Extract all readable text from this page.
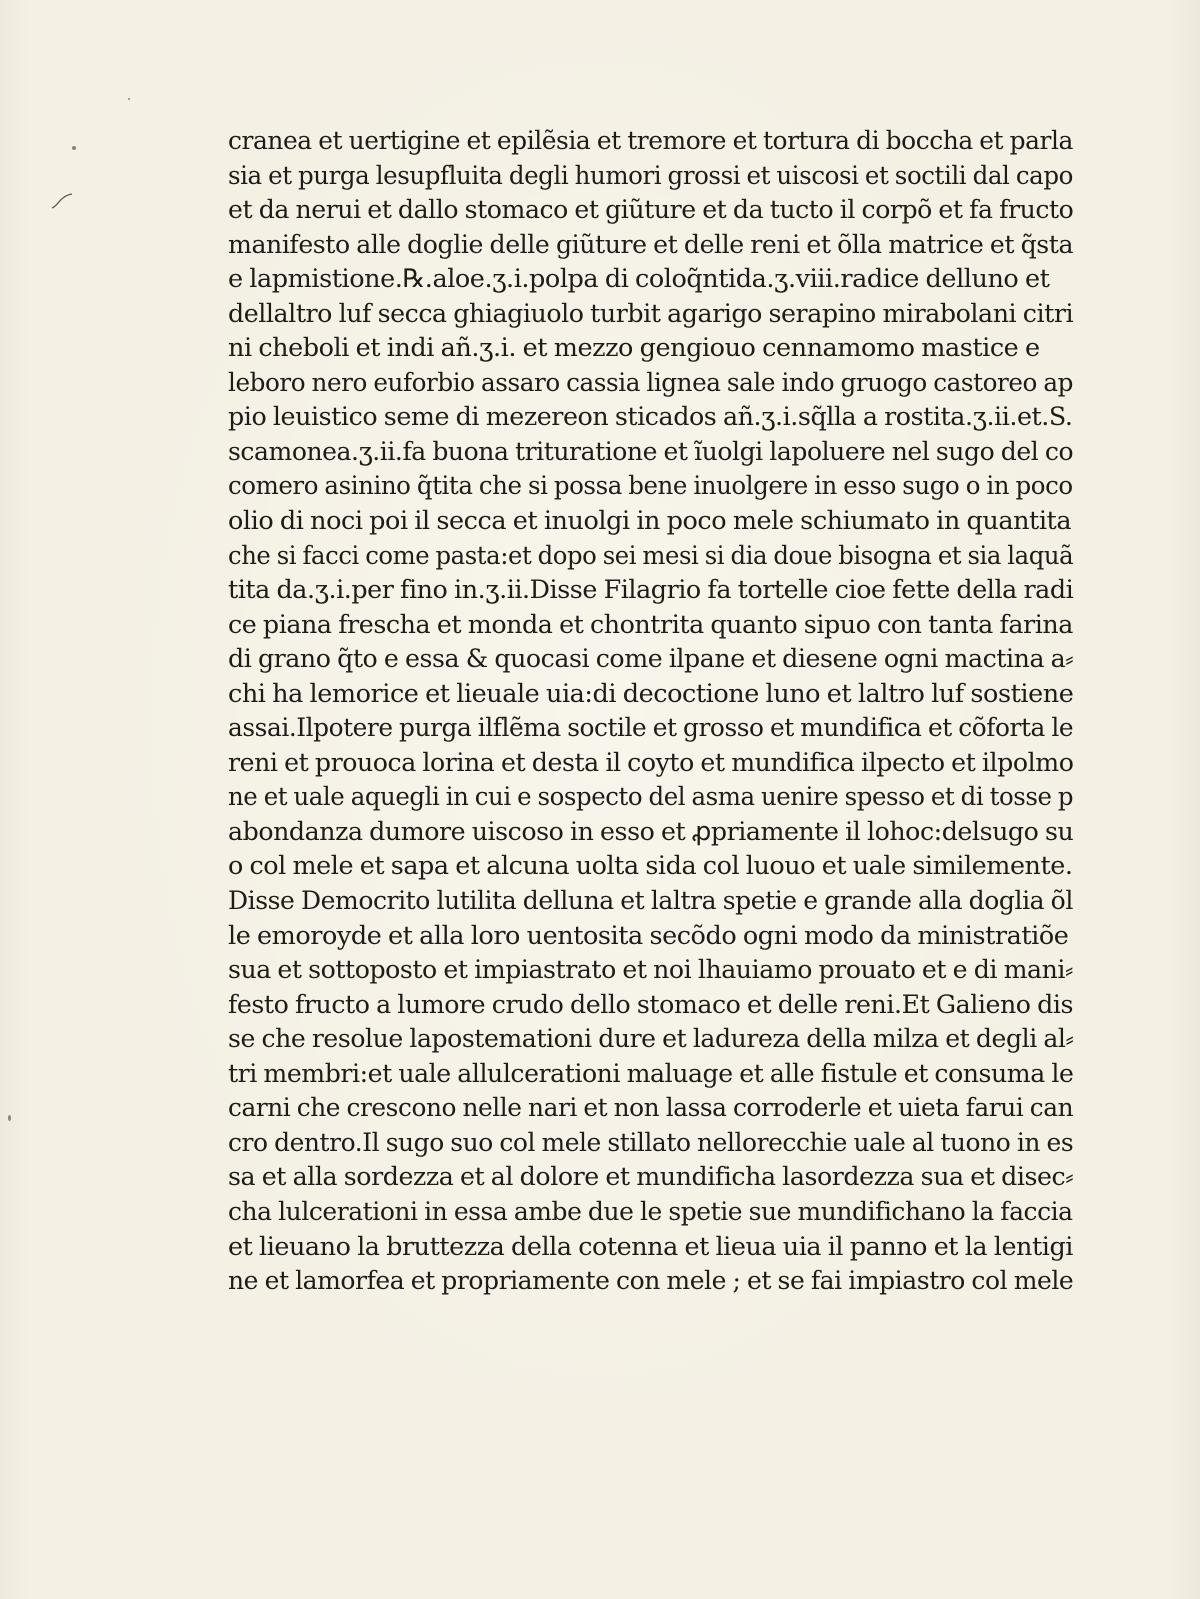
cranea et uertigine et epilẽsia et tremore et tortura di boccha et parla
sia et purga lesupfluita degli humori grossi et uiscosi et soctili dal capo
et da nerui et dallo stomaco et giũture et da tucto il corpõ et fa fructo
manifesto alle doglie delle giũture et delle reni et õlla matrice et q̃sta
e lapmistione.℞.aloe.ʒ.i.polpa di coloq̃ntida.ʒ.viii.radice delluno et
dellaltro luf secca ghiagiuolo turbit agarigo serapino mirabolani citri
ni cheboli et indi añ.ʒ.i. et mezzo gengiouo cennamomo mastice e
leboro nero euforbio assaro cassia lignea sale indo gruogo castoreo ap
pio leuistico seme di mezereon sticados añ.ʒ.i.sq̃lla a rostita.ʒ.ii.et.S.
scamonea.ʒ.ii.fa buona trituratione et ĩuolgi lapoluere nel sugo del co
comero asinino q̃tita che si possa bene inuolgere in esso sugo o in poco
olio di noci poi il secca et inuolgi in poco mele schiumato in quantita
che si facci come pasta:et dopo sei mesi si dia doue bisogna et sia laquã
tita da.ʒ.i.per fino in.ʒ.ii.Disse Filagrio fa tortelle cioe fette della radi
ce piana frescha et monda et chontrita quanto sipuo con tanta farina
di grano q̃to e essa & quocasi come ilpane et diesene ogni mactina a⸗
chi ha lemorice et lieuale uia:di decoctione luno et laltro luf sostiene
assai.Ilpotere purga ilflẽma soctile et grosso et mundifica et cõforta le
reni et prouoca lorina et desta il coyto et mundifica ilpecto et ilpolmo
ne et uale aquegli in cui e sospecto del asma uenire spesso et di tosse p
abondanza dumore uiscoso in esso et ꝓpriamente il lohoc:delsugo su
o col mele et sapa et alcuna uolta sida col luouo et uale similemente.
Disse Democrito lutilita delluna et laltra spetie e grande alla doglia õl
le emoroyde et alla loro uentosita secõdo ogni modo da ministratiõe
sua et sottoposto et impiastrato et noi lhauiamo prouato et e di mani⸗
festo fructo a lumore crudo dello stomaco et delle reni.Et Galieno dis
se che resolue lapostemationi dure et ladureza della milza et degli al⸗
tri membri:et uale allulcerationi maluage et alle fistule et consuma le
carni che crescono nelle nari et non lassa corroderle et uieta farui can
cro dentro.Il sugo suo col mele stillato nellorecchie uale al tuono in es
sa et alla sordezza et al dolore et mundificha lasordezza sua et disec⸗
cha lulcerationi in essa ambe due le spetie sue mundifichano la faccia
et lieuano la bruttezza della cotenna et lieua uia il panno et la lentigi
ne et lamorfea et propriamente con mele ; et se fai impiastro col mele
